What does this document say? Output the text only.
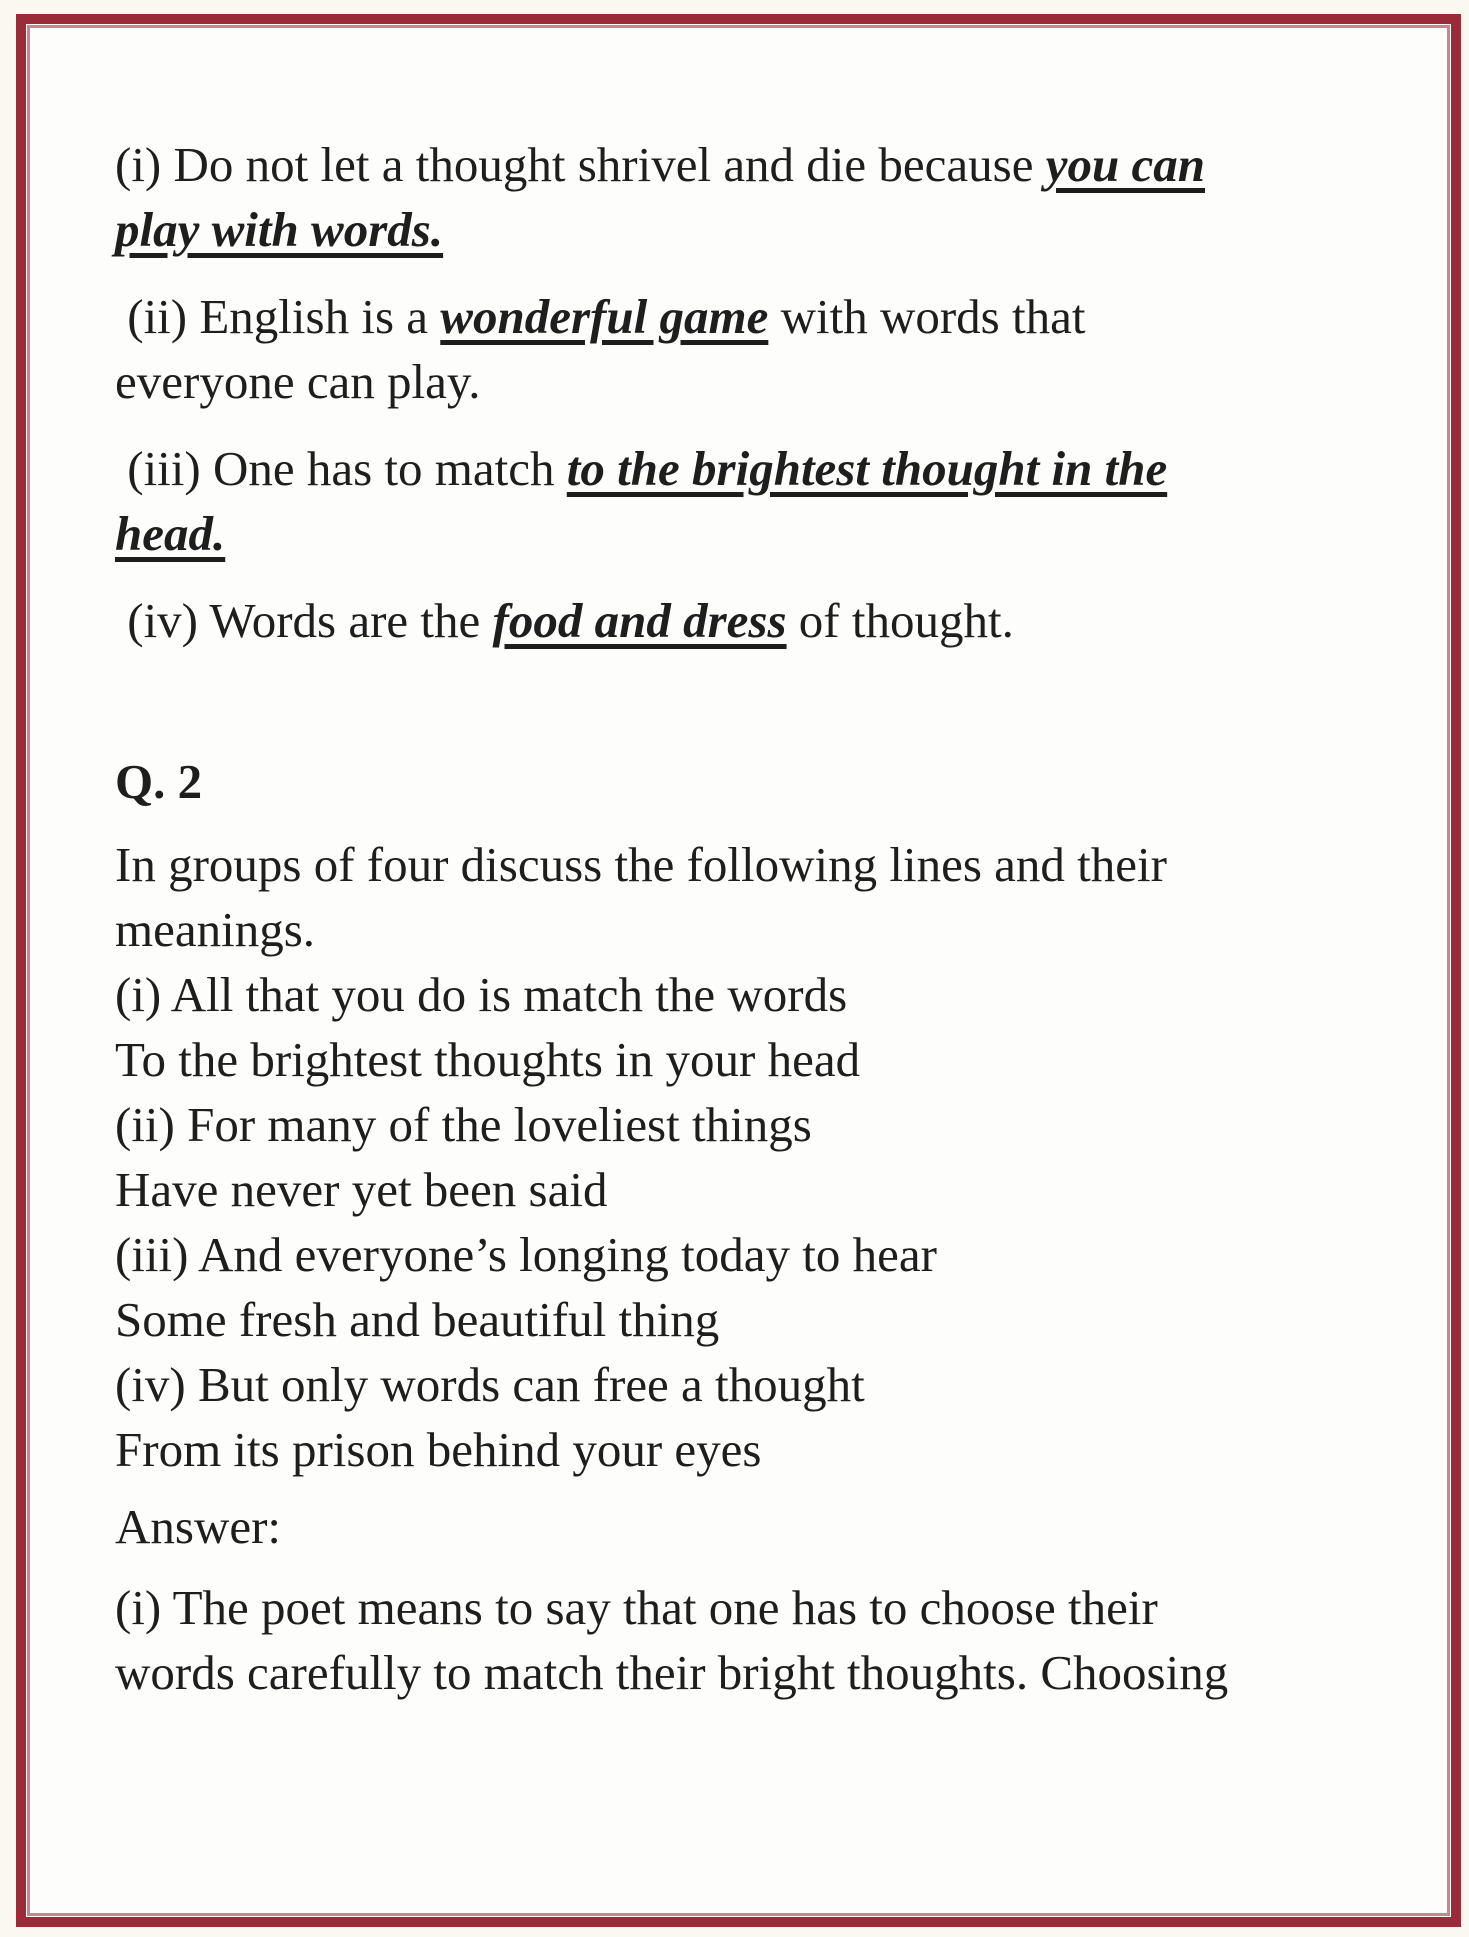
(i) Do not let a thought shrivel and die because you can
play with words.

(ii) English is a wonderful game with words that
everyone can play.

(iii) One has to match to the brightest thought in the
head.

(iv) Words are the food and dress of thought.

Q. 2
In groups of four discuss the following lines and their
meanings.
(i) All that you do is match the words
To the brightest thoughts in your head
(ii) For many of the loveliest things
Have never yet been said
(iii) And everyone’s longing today to hear
Some fresh and beautiful thing
(iv) But only words can free a thought
From its prison behind your eyes
Answer:
(i) The poet means to say that one has to choose their
words carefully to match their bright thoughts. Choosing
